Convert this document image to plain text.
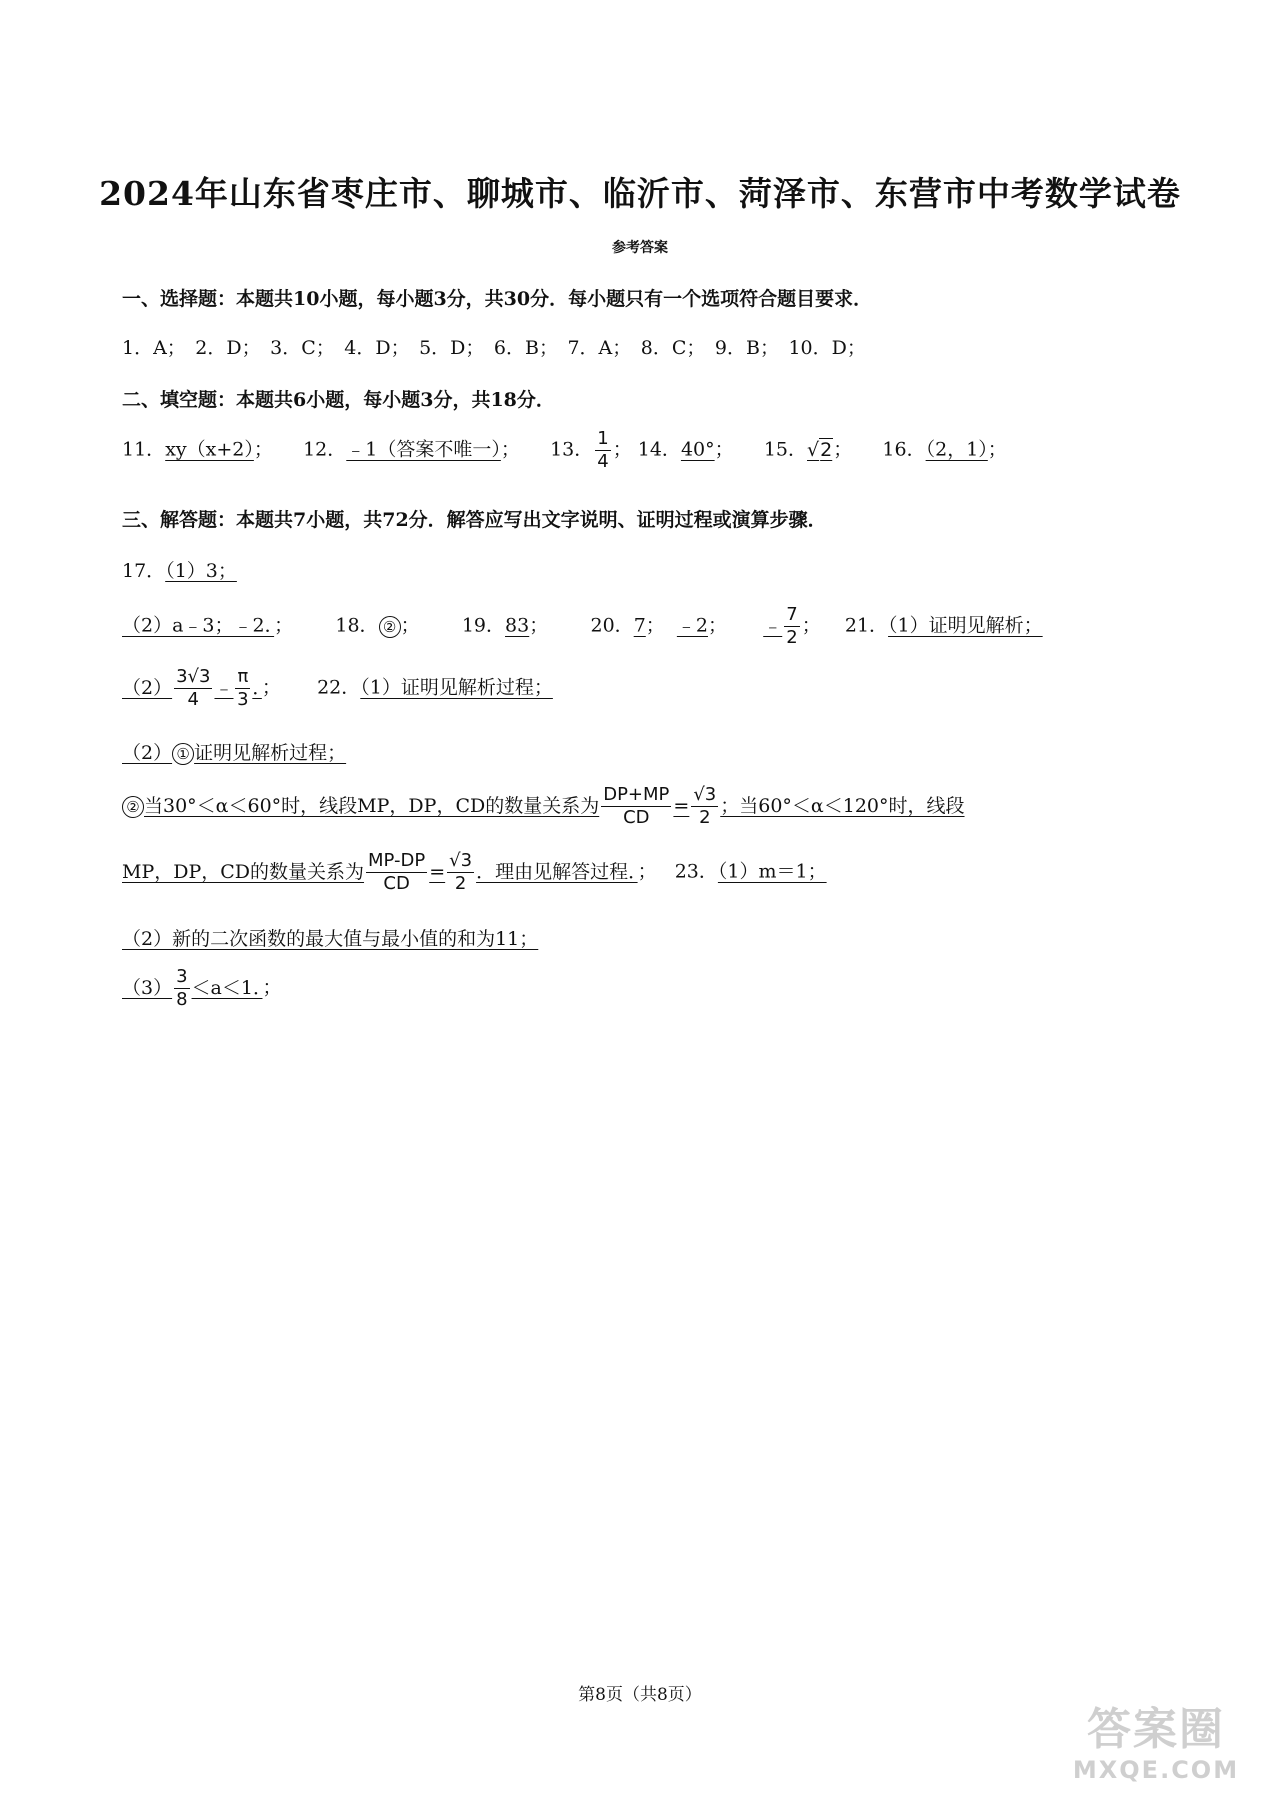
2024年山东省枣庄市、聊城市、临沂市、菏泽市、东营市中考数学试卷
参考答案
一、选择题：本题共10小题，每小题3分，共30分．每小题只有一个选项符合题目要求．
1．A；　2．D；　3．C；　4．D；　5．D；　6．B；　7．A；　8．C；　9．B；　10．D；
二、填空题：本题共6小题，每小题3分，共18分．
11．xy（x+2）；     12．﹣1（答案不唯一）；     13． $\frac{1}{4}$ ； 14．40°；     15．√2；     16．（2，1）；
三、解答题：本题共7小题，共72分．解答应写出文字说明、证明过程或演算步骤．
17．（1）3；
（2）a﹣3；﹣2．；       18． ② ；       19．83；       20．7；  ﹣2；      ﹣ $\frac{7}{2}$ ；    21．（1）证明见解析；
$(2) \frac{3√3}{4}$ ﹣ $\frac{\pi}{3}$ ．；      22．（1）证明见解析过程；
（2） ① 证明见解析过程；
② 当30°＜α＜60°时，线段MP，DP，CD的数量关系为 $\frac{DP+MP}{CD} = \frac{√3}{2}$ ；当60°＜α＜120°时，线段
MP，DP，CD的数量关系为 $\frac{MP-DP}{CD} = \frac{√3}{2}$ ．理由见解答过程．；   23．（1）m＝1；
（2）新的二次函数的最大值与最小值的和为11；
$(3) \frac{3}{8} <a<1$．；
第8页（共8页）
答案圈
MXQE.COM
